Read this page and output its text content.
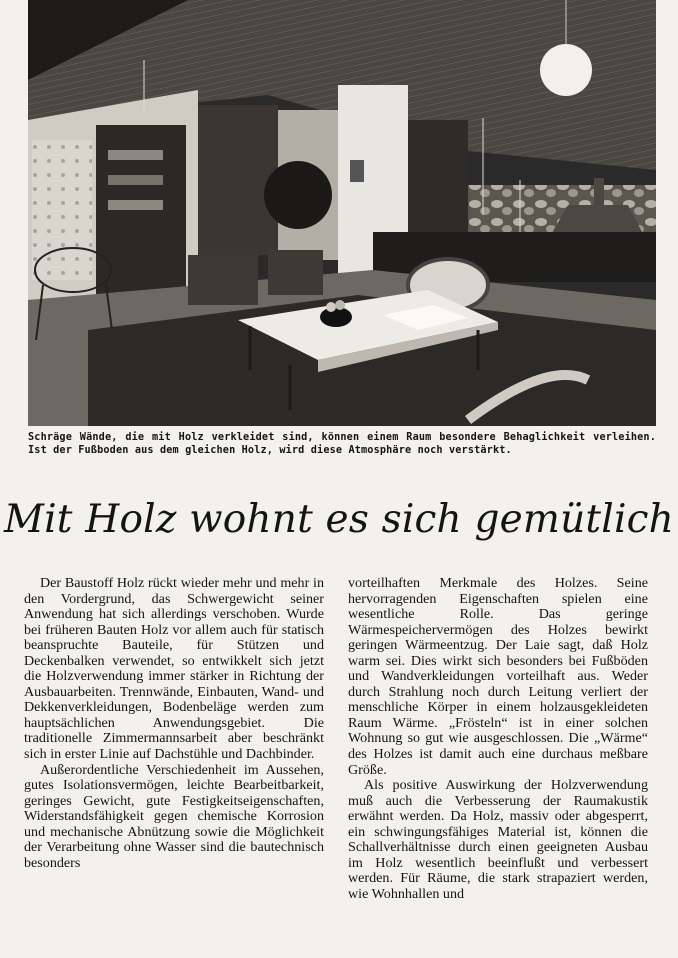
Schräge Wände, die mit Holz verkleidet sind, können einem Raum besondere Behaglichkeit verleihen. Ist der Fußboden aus dem gleichen Holz, wird diese Atmosphäre noch verstärkt.
Mit Holz wohnt es sich gemütlich

Der Baustoff Holz rückt wieder mehr und mehr in den Vordergrund, das Schwergewicht seiner Anwendung hat sich allerdings verschoben. Wurde bei früheren Bauten Holz vor allem auch für statisch beanspruchte Bauteile, für Stützen und Deckenbalken verwendet, so entwikkelt sich jetzt die Holzverwendung immer stärker in Richtung der Ausbauarbeiten. Trennwände, Einbauten, Wand- und Dekkenverkleidungen, Bodenbeläge werden zum hauptsächlichen Anwendungsgebiet. Die traditionelle Zimmermannsarbeit aber beschränkt sich in erster Linie auf Dachstühle und Dachbinder.

Außerordentliche Verschiedenheit im Aussehen, gutes Isolationsvermögen, leichte Bearbeitbarkeit, geringes Gewicht, gute Festigkeitseigenschaften, Widerstandsfähigkeit gegen chemische Korrosion und mechanische Abnützung sowie die Möglichkeit der Verarbeitung ohne Wasser sind die bautechnisch besonders

vorteilhaften Merkmale des Holzes. Seine hervorragenden Eigenschaften spielen eine wesentliche Rolle. Das geringe Wärmespeichervermögen des Holzes bewirkt geringen Wärmeentzug. Der Laie sagt, daß Holz warm sei. Dies wirkt sich besonders bei Fußböden und Wandverkleidungen vorteilhaft aus. Weder durch Strahlung noch durch Leitung verliert der menschliche Körper in einem holzausgekleideten Raum Wärme. „Frösteln“ ist in einer solchen Wohnung so gut wie ausgeschlossen. Die „Wärme“ des Holzes ist damit auch eine durchaus meßbare Größe.

Als positive Auswirkung der Holzverwendung muß auch die Verbesserung der Raumakustik erwähnt werden. Da Holz, massiv oder abgesperrt, ein schwingungsfähiges Material ist, können die Schallverhältnisse durch einen geeigneten Ausbau im Holz wesentlich beeinflußt und verbessert werden. Für Räume, die stark strapaziert werden, wie Wohnhallen und
